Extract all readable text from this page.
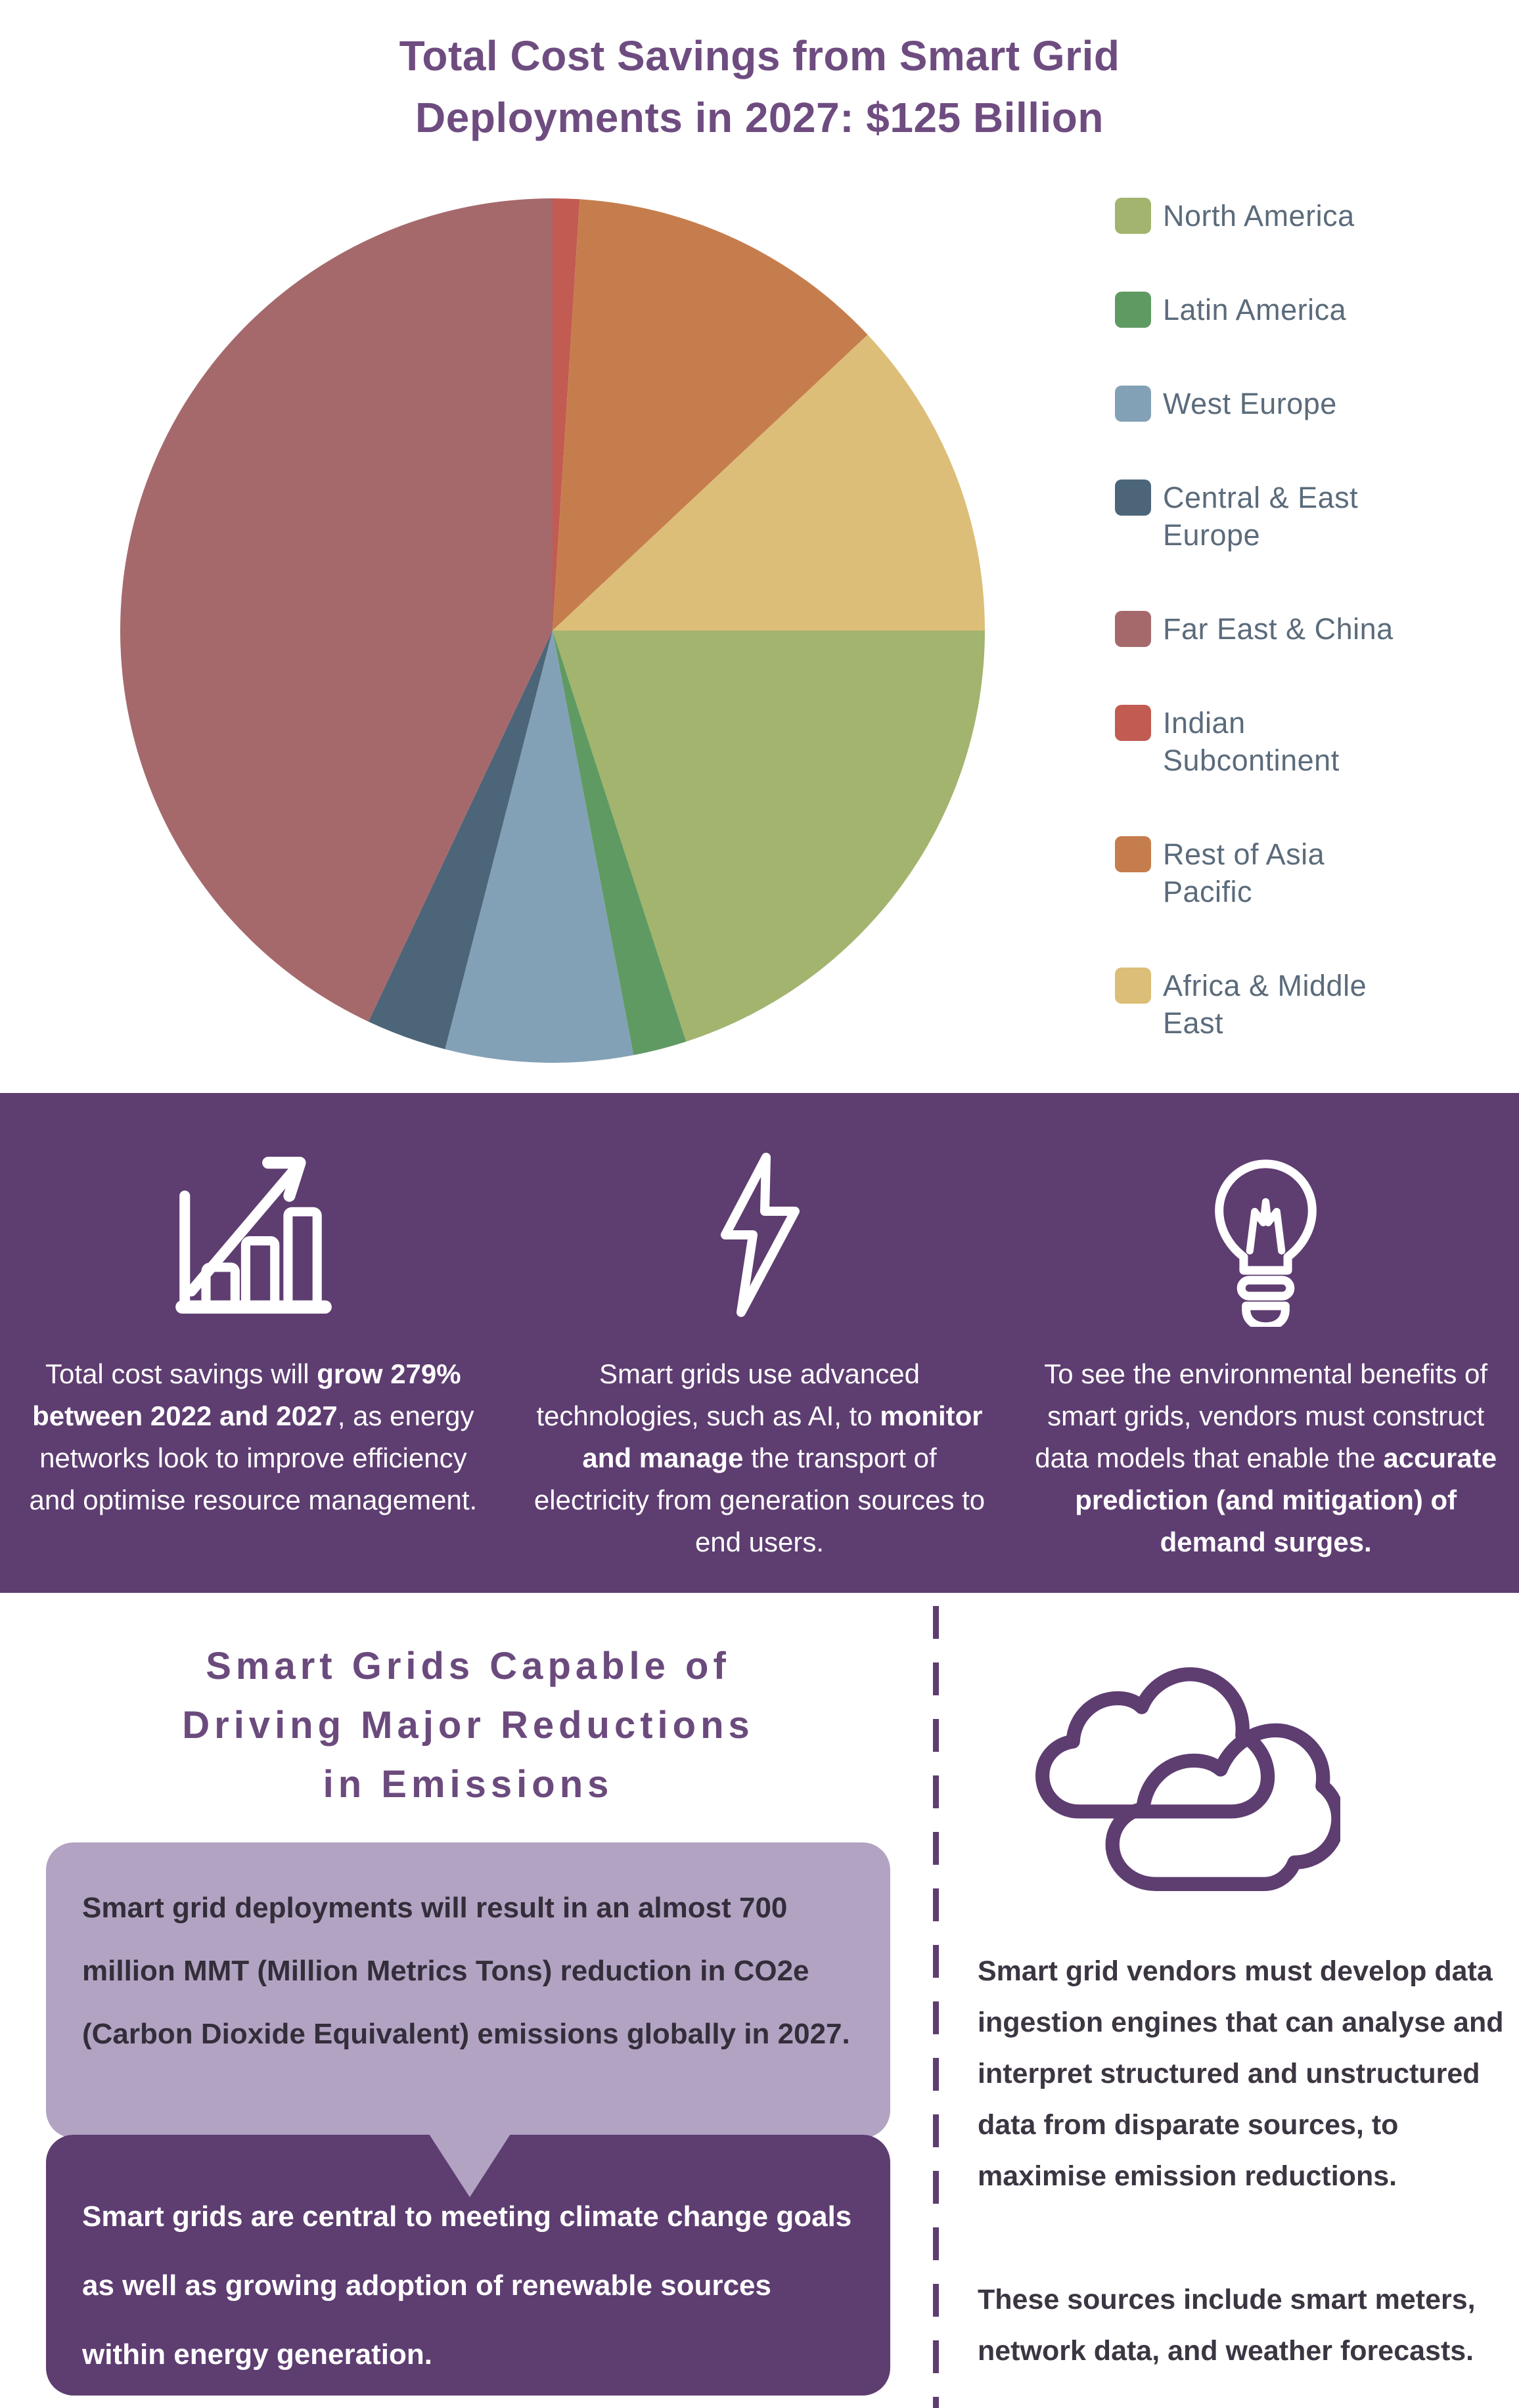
Total Cost Savings from Smart Grid
Deployments in 2027: $125 Billion
North America
Latin America
West Europe
Central & East Europe
Far East & China
Indian Subcontinent
Rest of Asia Pacific
Africa & Middle East

Total cost savings will grow 279% between 2022 and 2027, as energy networks look to improve efficiency and optimise resource management.

Smart grids use advanced technologies, such as AI, to monitor and manage the transport of electricity from generation sources to end users.

To see the environmental benefits of smart grids, vendors must construct data models that enable the accurate prediction (and mitigation) of demand surges.

Smart Grids Capable of
Driving Major Reductions
in Emissions
Smart grid deployments will result in an almost 700 million MMT (Million Metrics Tons) reduction in CO2e (Carbon Dioxide Equivalent) emissions globally in 2027.
Smart grids are central to meeting climate change goals as well as growing adoption of renewable sources within energy generation.

Smart grid vendors must develop data ingestion engines that can analyse and interpret structured and unstructured data from disparate sources, to maximise emission reductions.

These sources include smart meters, network data, and weather forecasts.
